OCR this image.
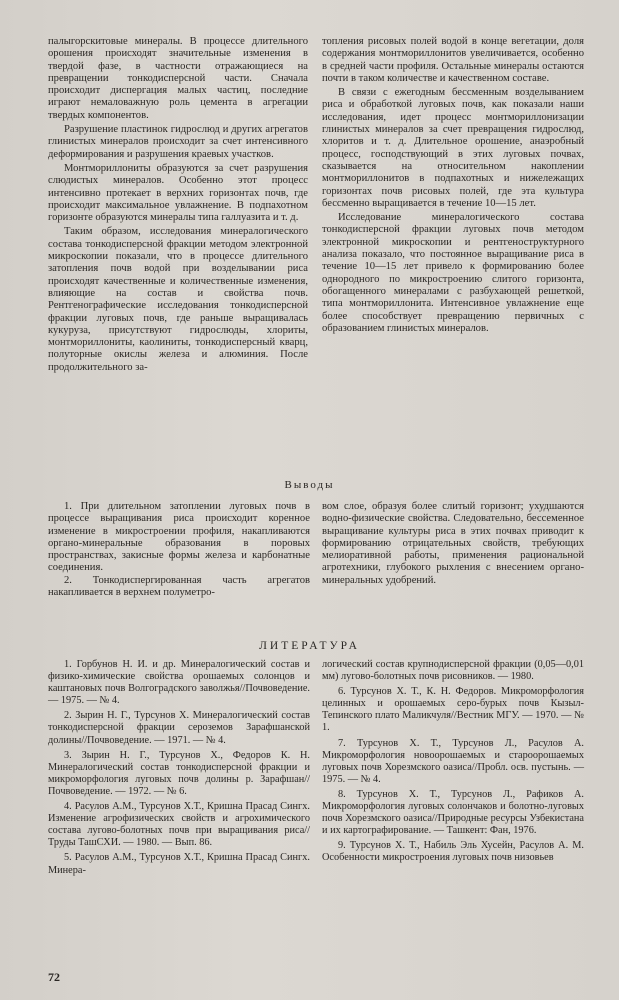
палыгорскитовые минералы. В процессе длительного орошения происходят значительные изменения в твердой фазе, в частности отражающиеся на превращении тонкодисперсной части. Сначала происходит диспергация малых частиц, последние играют немаловажную роль цемента в агрегации твердых компонентов.

Разрушение пластинок гидрослюд и других агрегатов глинистых минералов происходит за счет интенсивного деформирования и разрушения краевых участков.

Монтмориллониты образуются за счет разрушения слюдистых минералов. Особенно этот процесс интенсивно протекает в верхних горизонтах почв, где происходит максимальное увлажнение. В подпахотном горизонте образуются минералы типа галлуазита и т. д.

Таким образом, исследования минералогического состава тонкодисперсной фракции методом электронной микроскопии показали, что в процессе длительного затопления почв водой при возделывании риса происходят качественные и количественные изменения, влияющие на состав и свойства почв. Рентгенографические исследования тонкодисперсной фракции луговых почв, где раньше выращивалась кукуруза, присутствуют гидрослюды, хлориты, монтмориллониты, каолиниты, тонкодисперсный кварц, полуторные окислы железа и алюминия. После продолжительного за-

топления рисовых полей водой в конце вегетации, доля содержания монтмориллонитов увеличивается, особенно в средней части профиля. Остальные минералы остаются почти в таком количестве и качественном составе.

В связи с ежегодным бессменным возделыванием риса и обработкой луговых почв, как показали наши исследования, идет процесс монтмориллонизации глинистых минералов за счет превращения гидрослюд, хлоритов и т. д. Длительное орошение, анаэробный процесс, господствующий в этих луговых почвах, сказывается на относительном накоплении монтмориллонитов в подпахотных и нижележащих горизонтах почв рисовых полей, где эта культура бессменно выращивается в течение 10—15 лет.

Исследование минералогического состава тонкодисперсной фракции луговых почв методом электронной микроскопии и рентгеноструктурного анализа показало, что постоянное выращивание риса в течение 10—15 лет привело к формированию более однородного по микростроению слитого горизонта, обогащенного минералами с разбухающей решеткой, типа монтмориллонита. Интенсивное увлажнение еще более способствует превращению первичных с образованием глинистых минералов.

Выводы

1. При длительном затоплении луговых почв в процессе выращивания риса происходит коренное изменение в микростроении профиля, накапливаются органо-минеральные образования в поровых пространствах, закисные формы железа и карбонатные соединения.

2. Тонкодиспергированная часть агрегатов накапливается в верхнем полуметро-

вом слое, образуя более слитый горизонт; ухудшаются водно-физические свойства. Следовательно, бессеменное выращивание культуры риса в этих почвах приводит к формированию отрицательных свойств, требующих мелиоративной работы, применения рациональной агротехники, глубокого рыхления с внесением органо-минеральных удобрений.

ЛИТЕРАТУРА

1. Горбунов Н. И. и др. Минералогический состав и физико-химические свойства орошаемых солонцов и каштановых почв Волгоградского заволжья//Почвоведение. — 1975. — № 4.

2. Зырин Н. Г., Турсунов Х. Минералогический состав тонкодисперсной фракции сероземов Зарафшанской долины//Почвоведение. — 1971. — № 4.

3. Зырин Н. Г., Турсунов Х., Федоров К. Н. Минералогический состав тонкодисперсной фракции и микроморфология луговых почв долины р. Зарафшан//Почвоведение. — 1972. — № 6.

4. Расулов А.М., Турсунов Х.Т., Кришна Прасад Сингх. Изменение агрофизических свойств и агрохимического состава лугово-болотных почв при выращивания риса//Труды ТашСХИ. — 1980. — Вып. 86.

5. Расулов А.М., Турсунов Х.Т., Кришна Прасад Сингх. Минера-

логический состав крупнодисперсной фракции (0,05—0,01 мм) лугово-болотных почв рисовников. — 1980.

6. Турсунов Х. Т., К. Н. Федоров. Микроморфология целинных и орошаемых серо-бурых почв Кызыл-Тепинского плато Маликчуля//Вестник МГУ. — 1970. — № 1.

7. Турсунов Х. Т., Турсунов Л., Расулов А. Микроморфология новоорошаемых и староорошаемых луговых почв Хорезмского оазиса//Пробл. осв. пустынь. — 1975. — № 4.

8. Турсунов Х. Т., Турсунов Л., Рафиков А. Микроморфология луговых солончаков и болотно-луговых почв Хорезмского оазиса//Природные ресурсы Узбекистана и их картографирование. — Ташкент: Фан, 1976.

9. Турсунов Х. Т., Набиль Эль Хусейн, Расулов А. М. Особенности микростроения луговых почв низовьев

72
